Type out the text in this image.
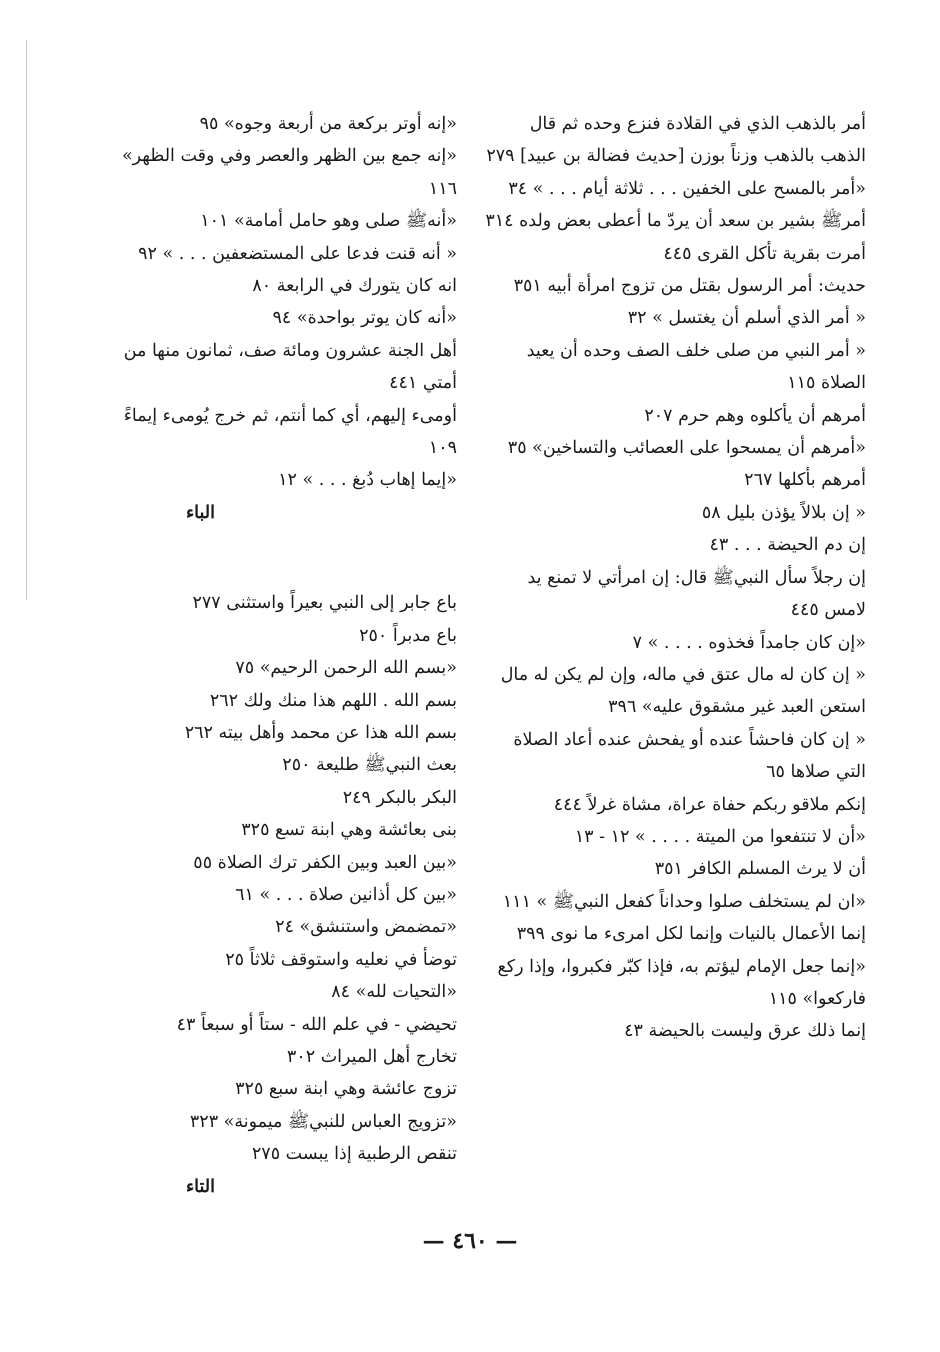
أمر بالذهب الذي في القلادة فنزع وحده ثم قال الذهب بالذهب وزناً بوزن [حديث فضالة بن عبيد] ٢٧٩

«أمر بالمسح على الخفين . . . ثلاثة أيام . . . » ٣٤

أمرﷺ بشير بن سعد أن يردّ ما أعطى بعض ولده ٣١٤

أمرت بقرية تأكل القرى ٤٤٥

حديث: أمر الرسول بقتل من تزوج امرأة أبيه ٣٥١

« أمر الذي أسلم أن يغتسل » ٣٢

« أمر النبي من صلى خلف الصف وحده أن يعيد الصلاة ١١٥

أمرهم أن يأكلوه وهم حرم ٢٠٧

«أمرهم أن يمسحوا على العصائب والتساخين» ٣٥

أمرهم بأكلها ٢٦٧

« إن بلالاً يؤذن بليل ٥٨

إن دم الحيضة . . . ٤٣

إن رجلاً سأل النبيﷺ قال: إن امرأتي لا تمنع يد لامس ٤٤٥

«إن كان جامداً فخذوه . . . . » ٧

« إن كان له مال عتق في ماله، وإن لم يكن له مال استعن العبد غير مشقوق عليه» ٣٩٦

« إن كان فاحشاً عنده أو يفحش عنده أعاد الصلاة التي صلاها ٦٥

إنكم ملاقو ربكم حفاة عراة، مشاة غرلاً ٤٤٤

«أن لا تنتفعوا من الميتة . . . . » ١٢ - ١٣

أن لا يرث المسلم الكافر ٣٥١

«ان لم يستخلف صلوا وحداناً كفعل النبيﷺ » ١١١

إنما الأعمال بالنيات وإنما لكل امرىء ما نوى ٣٩٩

«إنما جعل الإمام ليؤتم به، فإذا كبّر فكبروا، وإذا ركع فاركعوا» ١١٥

إنما ذلك عرق وليست بالحيضة ٤٣

«إنه أوتر بركعة من أربعة وجوه» ٩٥

«إنه جمع بين الظهر والعصر وفي وقت الظهر» ١١٦

«أنهﷺ صلى وهو حامل أمامة» ١٠١

« أنه قنت فدعا على المستضعفين . . . » ٩٢

انه كان يتورك في الرابعة ٨٠

«أنه كان يوتر بواحدة» ٩٤

أهل الجنة عشرون ومائة صف، ثمانون منها من أمتي ٤٤١

أومىء إليهم، أي كما أنتم، ثم خرج يُومىء إيماءً ١٠٩

«إيما إهاب دُبغ . . . » ١٢

الباء

باع جابر إلى النبي بعيراً واستثنى ٢٧٧

باع مدبراً ٢٥٠

«بسم الله الرحمن الرحيم» ٧٥

بسم الله . اللهم هذا منك ولك ٢٦٢

بسم الله هذا عن محمد وأهل بيته ٢٦٢

بعث النبيﷺ طليعة ٢٥٠

البكر بالبكر ٢٤٩

بنى بعائشة وهي ابنة تسع ٣٢٥

«بين العبد وبين الكفر ترك الصلاة ٥٥

«بين كل أذانين صلاة . . . » ٦١

«تمضمض واستنشق» ٢٤

توضأ في نعليه واستوقف ثلاثاً ٢٥

«التحيات لله» ٨٤

تحيضي - في علم الله - ستاً أو سبعاً ٤٣

تخارج أهل الميراث ٣٠٢

تزوج عائشة وهي ابنة سبع ٣٢٥

«تزويج العباس للنبيﷺ ميمونة» ٣٢٣

تنقص الرطبية إذا يبست ٢٧٥

التاء

— ٤٦٠ —
